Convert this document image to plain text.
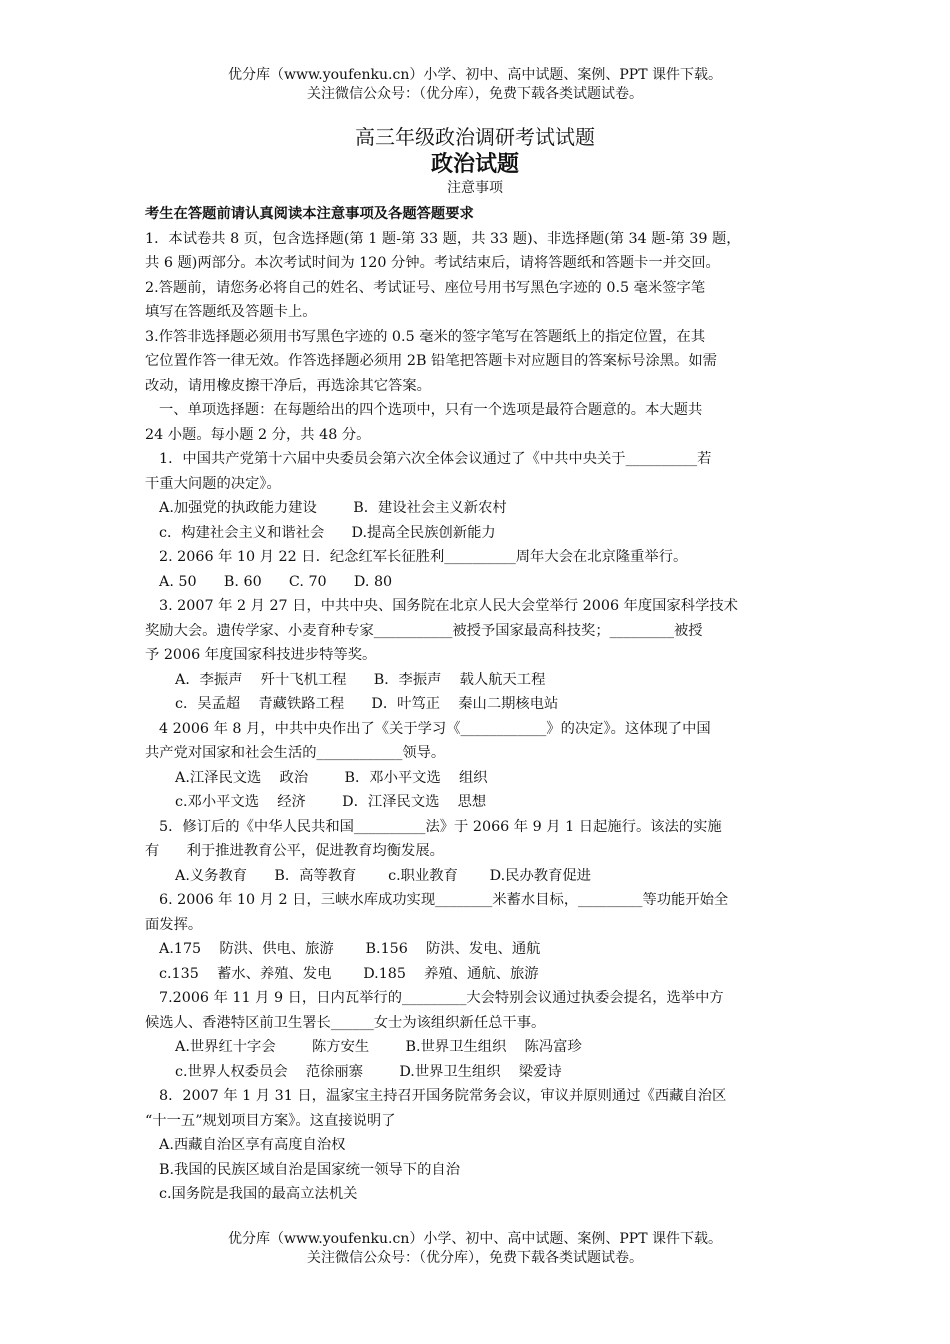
优分库（www.youfenku.cn）小学、初中、高中试题、案例、PPT 课件下载。
关注微信公众号：（优分库），免费下载各类试题试卷。
高三年级政治调研考试试题
政治试题
注意事项

考生在答题前请认真阅读本注意事项及各题答题要求

1．本试卷共 8 页，包含选择题(第 1 题-第 33 题，共 33 题)、非选择题(第 34 题-第 39 题，

共 6 题)两部分。本次考试时间为 120 分钟。考试结束后，请将答题纸和答题卡一并交回。

2.答题前，请您务必将自己的姓名、考试证号、座位号用书写黑色字迹的 0.5 毫米签字笔

填写在答题纸及答题卡上。

3.作答非选择题必须用书写黑色字迹的 0.5 毫米的签字笔写在答题纸上的指定位置，在其

它位置作答一律无效。作答选择题必须用 2B 铅笔把答题卡对应题目的答案标号涂黑。如需

改动，请用橡皮擦干净后，再选涂其它答案。

一、单项选择题：在每题给出的四个选项中，只有一个选项是最符合题意的。本大题共

24 小题。每小题 2 分，共 48 分。

1．中国共产党第十六届中央委员会第六次全体会议通过了《中共中央关于__________若

干重大问题的决定》。

A.加强党的执政能力建设        B．建设社会主义新农村

c．构建社会主义和谐社会      D.提高全民族创新能力

2. 2066 年 10 月 22 日．纪念红军长征胜利__________周年大会在北京隆重举行。

A. 50      B. 60      C. 70      D. 80

3. 2007 年 2 月 27 日，中共中央、国务院在北京人民大会堂举行 2006 年度国家科学技术

奖励大会。遗传学家、小麦育种专家___________被授予国家最高科技奖；_________被授

予 2006 年度国家科技进步特等奖。

A．李振声    歼十飞机工程      B．李振声    载人航天工程

c．吴孟超    青藏铁路工程      D．叶笃正    秦山二期核电站

4 2006 年 8 月，中共中央作出了《关于学习《____________》的决定》。这体现了中国

共产党对国家和社会生活的____________领导。

A.江泽民文选    政治        B．邓小平文选    组织

c.邓小平文选    经济        D．江泽民文选    思想

5．修订后的《中华人民共和国__________法》于 2066 年 9 月 1 日起施行。该法的实施

有      利于推进教育公平，促进教育均衡发展。

A.义务教育      B．高等教育       c.职业教育       D.民办教育促进

6. 2006 年 10 月 2 日，三峡水库成功实现________米蓄水目标，_________等功能开始全

面发挥。

A.175    防洪、供电、旅游       B.156    防洪、发电、通航

c.135    蓄水、养殖、发电       D.185    养殖、通航、旅游

7.2006 年 11 月 9 日，日内瓦举行的_________大会特别会议通过执委会提名，选举中方

候选人、香港特区前卫生署长______女士为该组织新任总干事。

A.世界红十字会        陈方安生        B.世界卫生组织    陈冯富珍

c.世界人权委员会    范徐丽寨        D.世界卫生组织    梁爱诗

8．2007 年 1 月 31 日，温家宝主持召开国务院常务会议，审议并原则通过《西藏自治区

“十一五”规划项目方案》。这直接说明了

A.西藏自治区享有高度自治权

B.我国的民族区域自治是国家统一领导下的自治

c.国务院是我国的最高立法机关

优分库（www.youfenku.cn）小学、初中、高中试题、案例、PPT 课件下载。
关注微信公众号：（优分库），免费下载各类试题试卷。
